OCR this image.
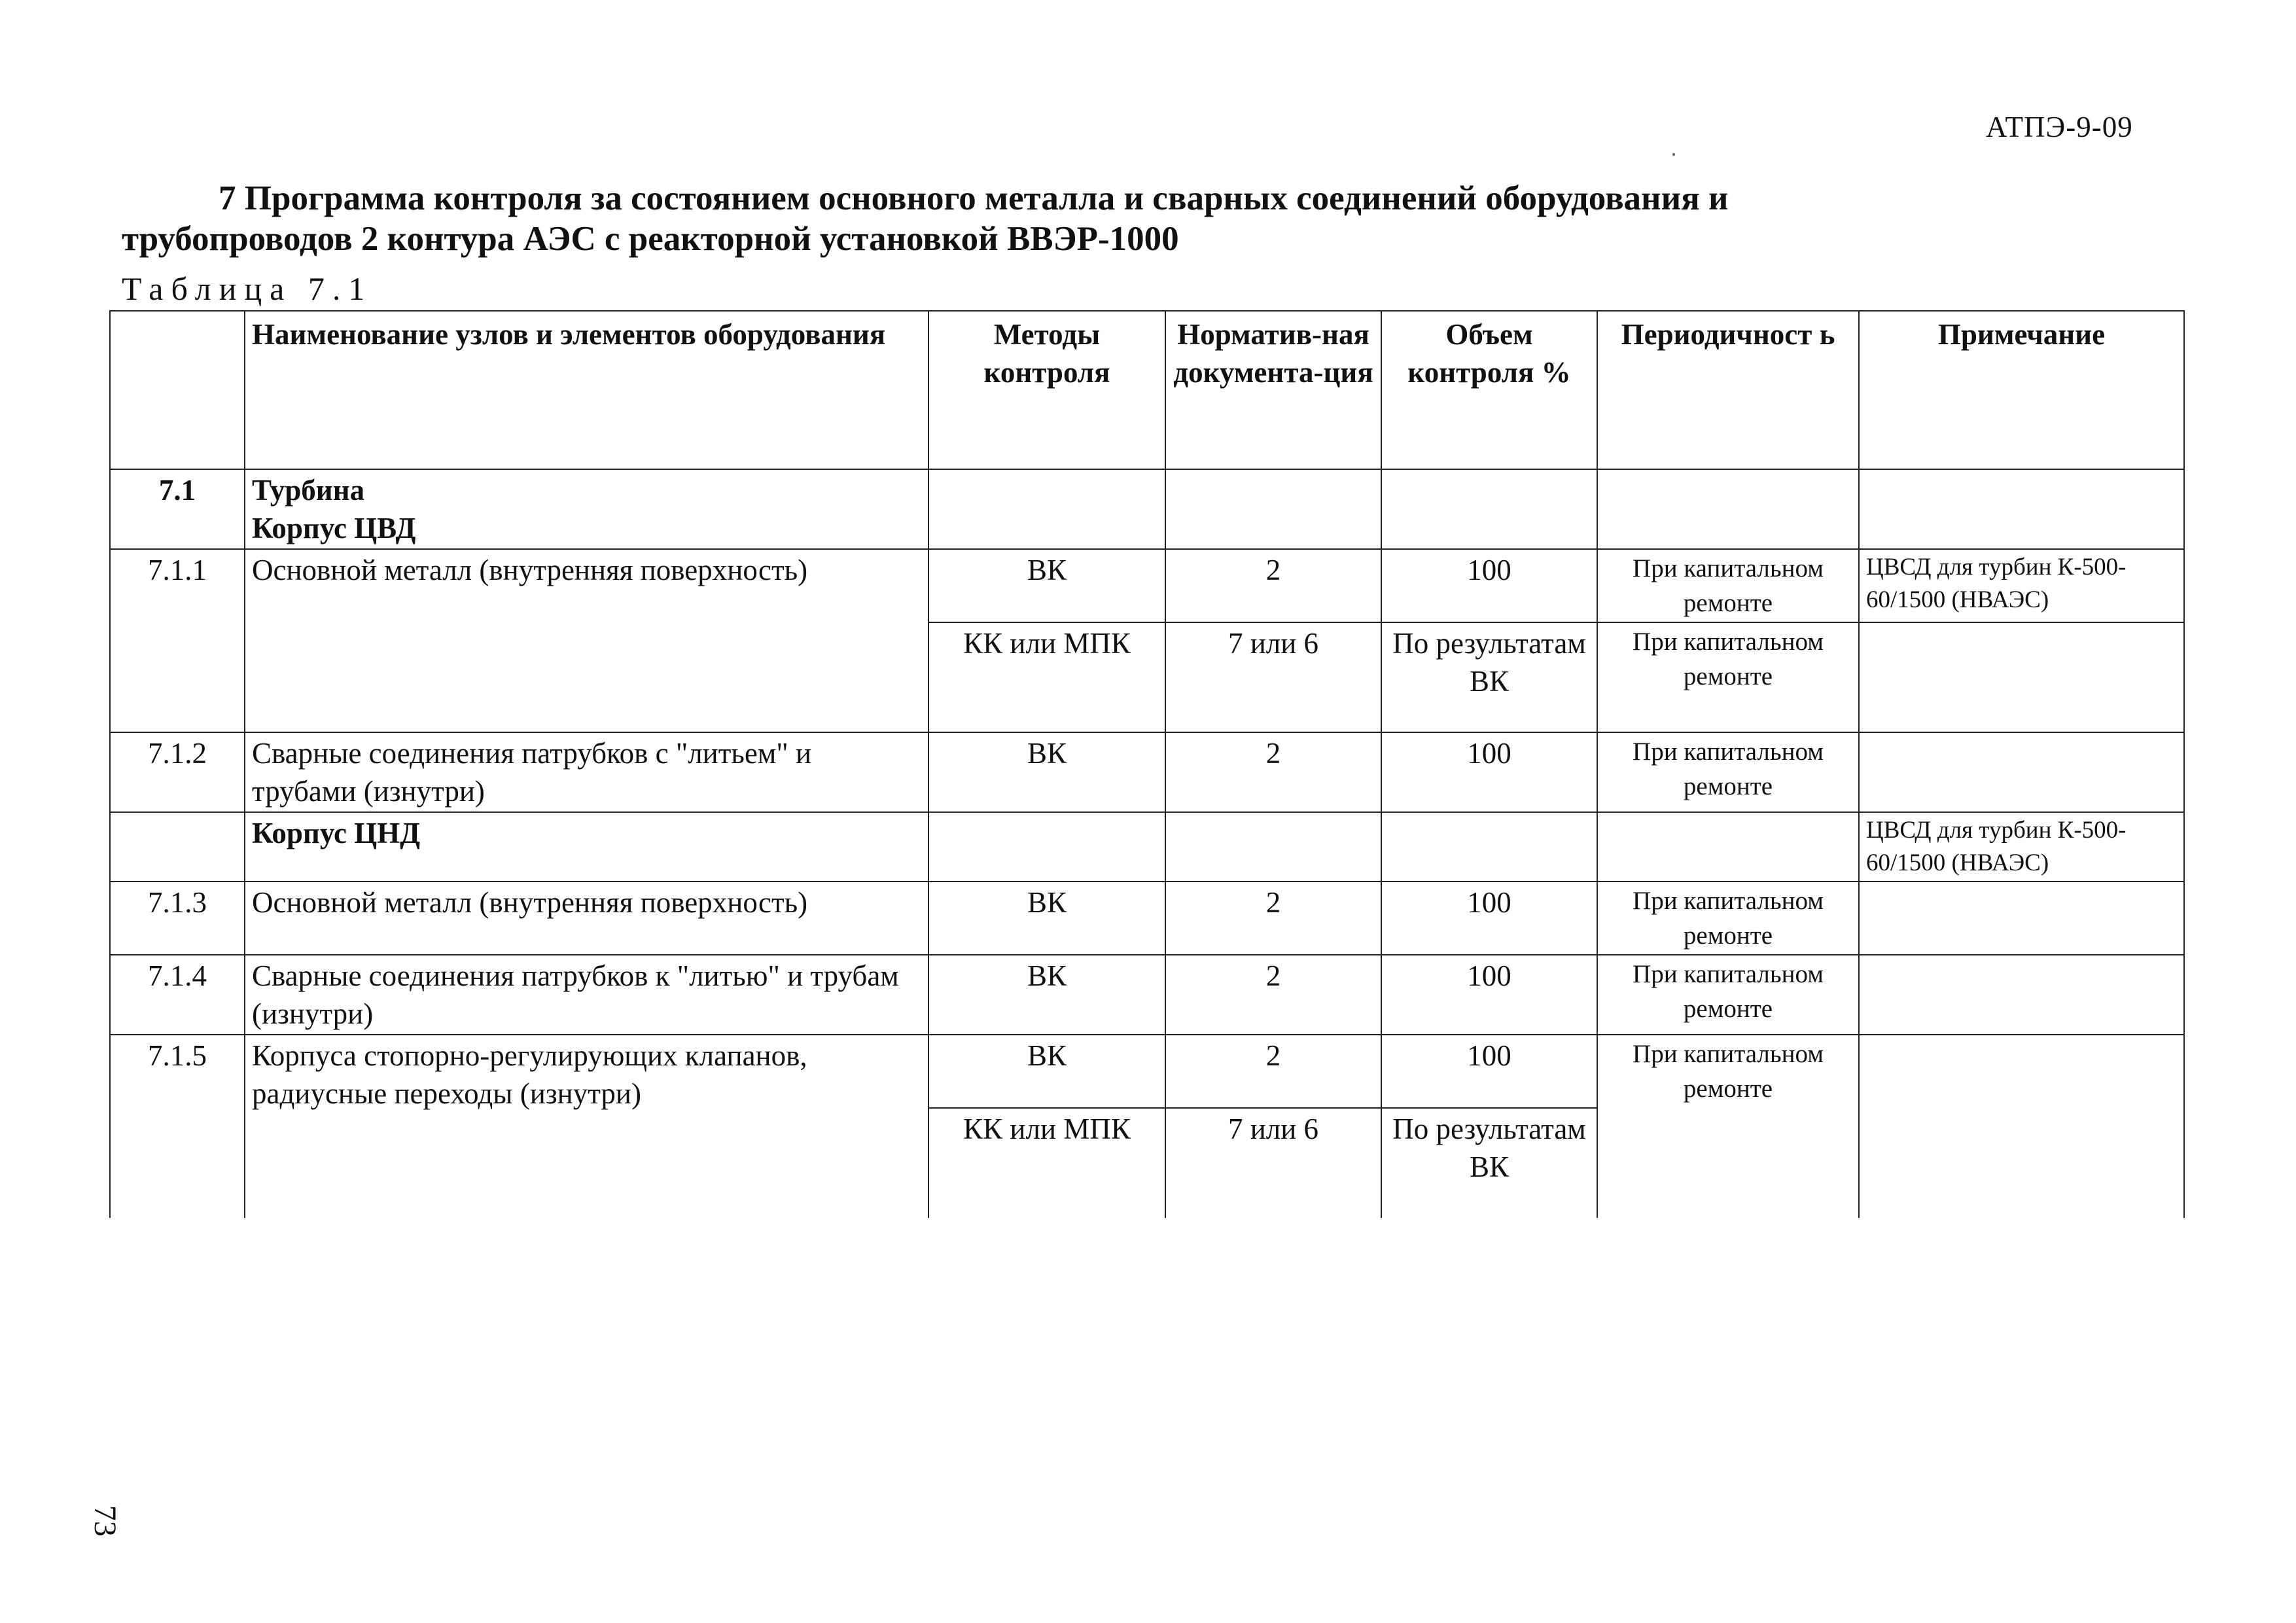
АТПЭ-9-09
7 Программа контроля за состоянием основного металла и сварных соединений оборудования и
трубопроводов 2 контура АЭС с реакторной установкой ВВЭР-1000
Таблица 7.1
	Наименование узлов и элементов оборудования	Методы контроля	Норматив-ная документа-ция	Объем контроля %	Периодичност ь	Примечание
7.1	Турбина
Корпус ЦВД					

7.1.1	Основной металл (внутренняя поверхность)	ВК	2	100	При капитальном ремонте	ЦВСД для турбин К-500-60/1500 (НВАЭС)
		КК или МПК	7 или 6	По результатам ВК	При капитальном ремонте	
7.1.2	Сварные соединения патрубков с "литьем" и трубами (изнутри)	ВК	2	100	При капитальном ремонте	
	Корпус ЦНД					ЦВСД для турбин К-500-60/1500 (НВАЭС)
7.1.3	Основной металл (внутренняя поверхность)	ВК	2	100	При капитальном ремонте	
7.1.4	Сварные соединения патрубков к "литью" и трубам (изнутри)	ВК	2	100	При капитальном ремонте	
7.1.5	Корпуса стопорно-регулирующих клапанов, радиусные переходы (изнутри)	ВК	2	100	При капитальном ремонте	
		КК или МПК	7 или 6	По результатам ВК		
73
